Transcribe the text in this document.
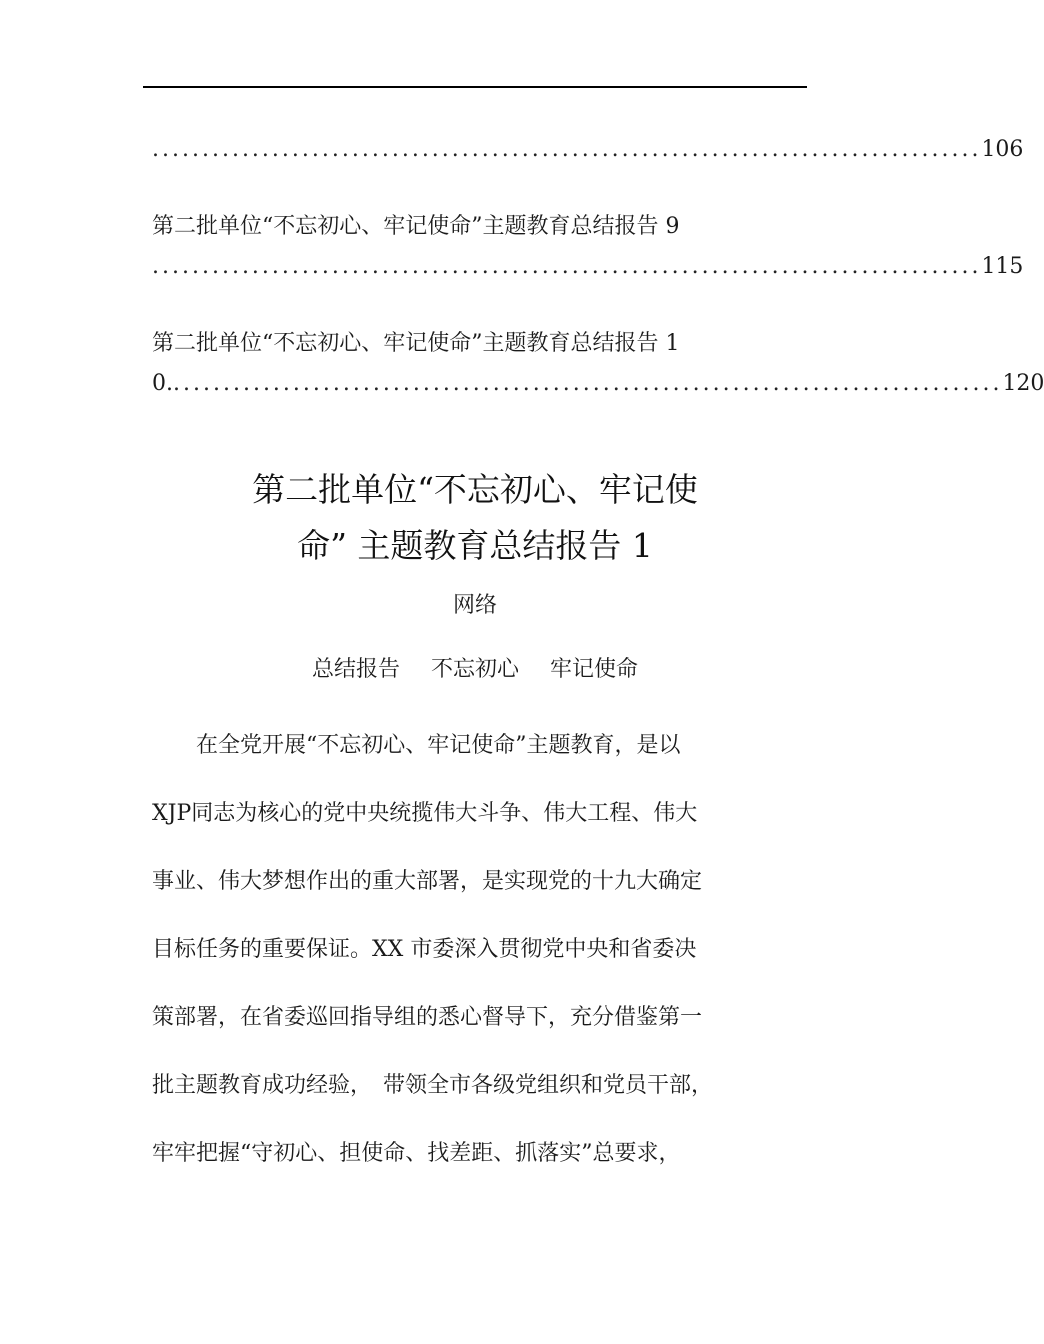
................................................................................... 106
第二批单位“不忘初心、牢记使命”主题教育总结报告 9
................................................................................... 115
第二批单位“不忘初心、牢记使命”主题教育总结报告 1
0. ................................................................................... 120
第二批单位“不忘初心、牢记使
命” 主题教育总结报告 1
网络
总结报告 不忘初心 牢记使命
　　在全党开展“不忘初心、牢记使命”主题教育，是以
XJP同志为核心的党中央统揽伟大斗争、伟大工程、伟大
事业、伟大梦想作出的重大部署，是实现党的十九大确定
目标任务的重要保证。XX 市委深入贯彻党中央和省委决
策部署，在省委巡回指导组的悉心督导下，充分借鉴第一
批主题教育成功经验，　带领全市各级党组织和党员干部，
牢牢把握“守初心、担使命、找差距、抓落实”总要求，
